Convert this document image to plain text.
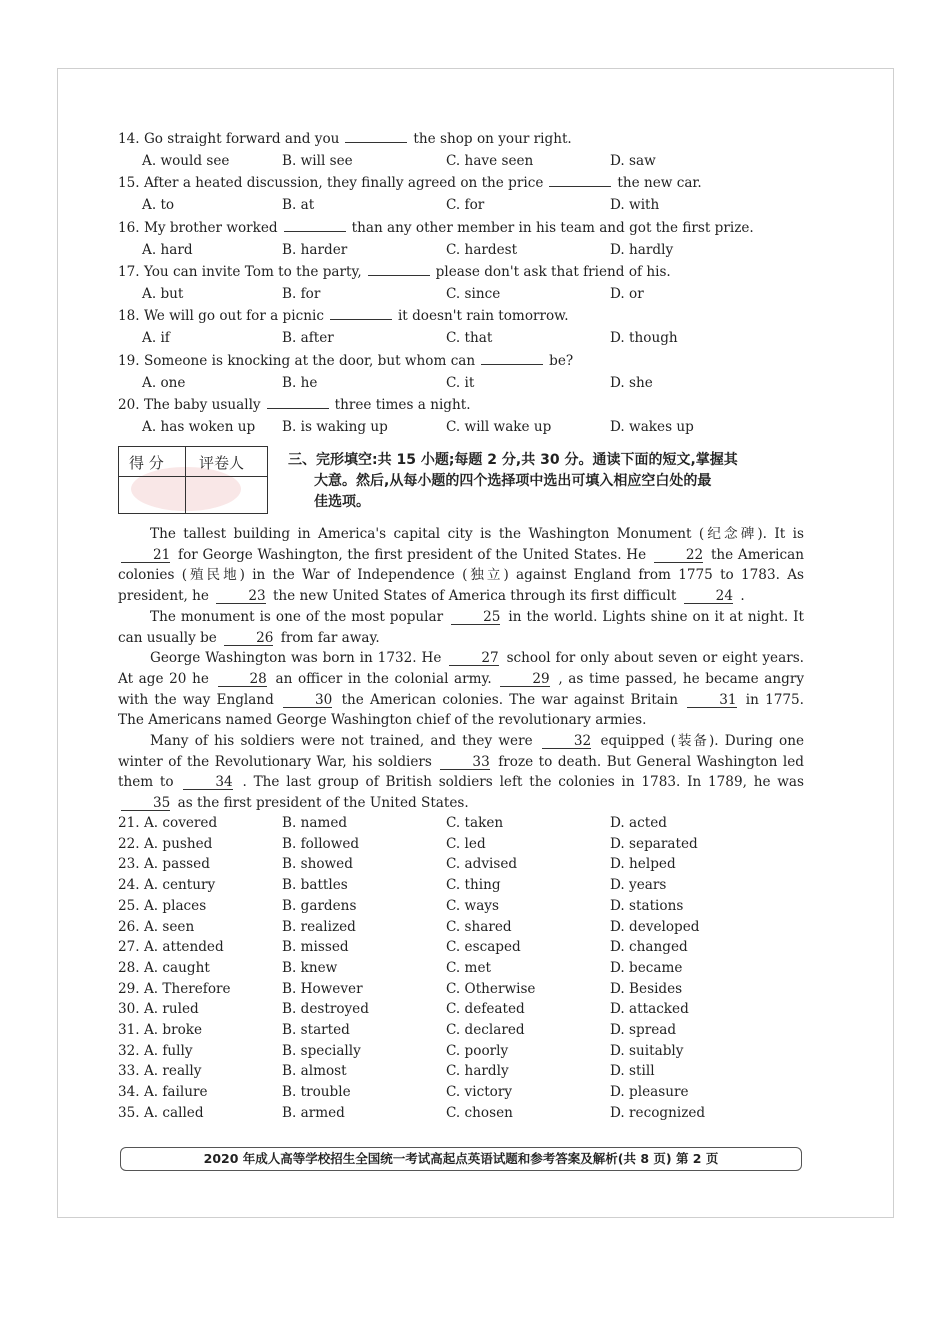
14. Go straight forward and you	the shop on your right.
A. would see	B. will see	C. have seen	D. saw
15. After a heated discussion, they finally agreed on the price	the new car.
A. to	B. at	C. for	D. with
16. My brother worked	than any other member in his team and got the first prize.
A. hard	B. harder	C. hardest	D. hardly
17. You can invite Tom to the party,	please don't ask that friend of his.
A. but	B. for	C. since	D. or
18. We will go out for a picnic	it doesn't rain tomorrow.
A. if	B. after	C. that	D. though
19. Someone is knocking at the door, but whom can	be?
A. one	B. he	C. it	D. she
20. The baby usually	three times a night.
A. has woken up B. is waking up	C. will wake up	D. wakes up
得 分 评卷人	三、完形填空:共 15 小题;每题 2 分,共 30 分。通读下面的短文,掌握其
大意。然后,从每小题的四个选择项中选出可填入相应空白处的最
佳选项。
The tallest building in America's capital city is the Washington Monument (纪念碑). It is 21 for George Washington, the first president of the United States. He	22 the American colonies (殖民地) in the War of Independence (独立) against England from 1775 to 1783. As president, he	23 the new United States of America through its first difficult	24 .
The monument is one of the most popular	25 in the world. Lights shine on it at night. It can usually be	26 from far away.
George Washington was born in 1732. He	27 school for only about seven or eight years. At age 20 he	28 an officer in the colonial army.	29 , as time passed, he became angry with the way England	30 the American colonies. The war against Britain	31 in 1775. The Americans named George Washington chief of the revolutionary armies.
Many of his soldiers were not trained, and they were	32 equipped (装备). During one winter of the Revolutionary War, his soldiers	33 froze to death. But General Washington led them to	34 . The last group of British soldiers left the colonies in 1783. In 1789, he was 35 as the first president of the United States.
21. A. covered	B. named	C. taken	D. acted
22. A. pushed	B. followed	C. led	D. separated
23. A. passed	B. showed	C. advised	D. helped
24. A. century	B. battles	C. thing	D. years
25. A. places	B. gardens	C. ways	D. stations
26. A. seen	B. realized	C. shared	D. developed
27. A. attended	B. missed	C. escaped	D. changed
28. A. caught	B. knew	C. met	D. became
29. A. Therefore	B. However	C. Otherwise	D. Besides
30. A. ruled	B. destroyed	C. defeated	D. attacked
31. A. broke	B. started	C. declared	D. spread
32. A. fully	B. specially	C. poorly	D. suitably
33. A. really	B. almost	C. hardly	D. still
34. A. failure	B. trouble	C. victory	D. pleasure
35. A. called	B. armed	C. chosen	D. recognized
2020 年成人高等学校招生全国统一考试高起点英语试题和参考答案及解析(共 8 页) 第 2 页
